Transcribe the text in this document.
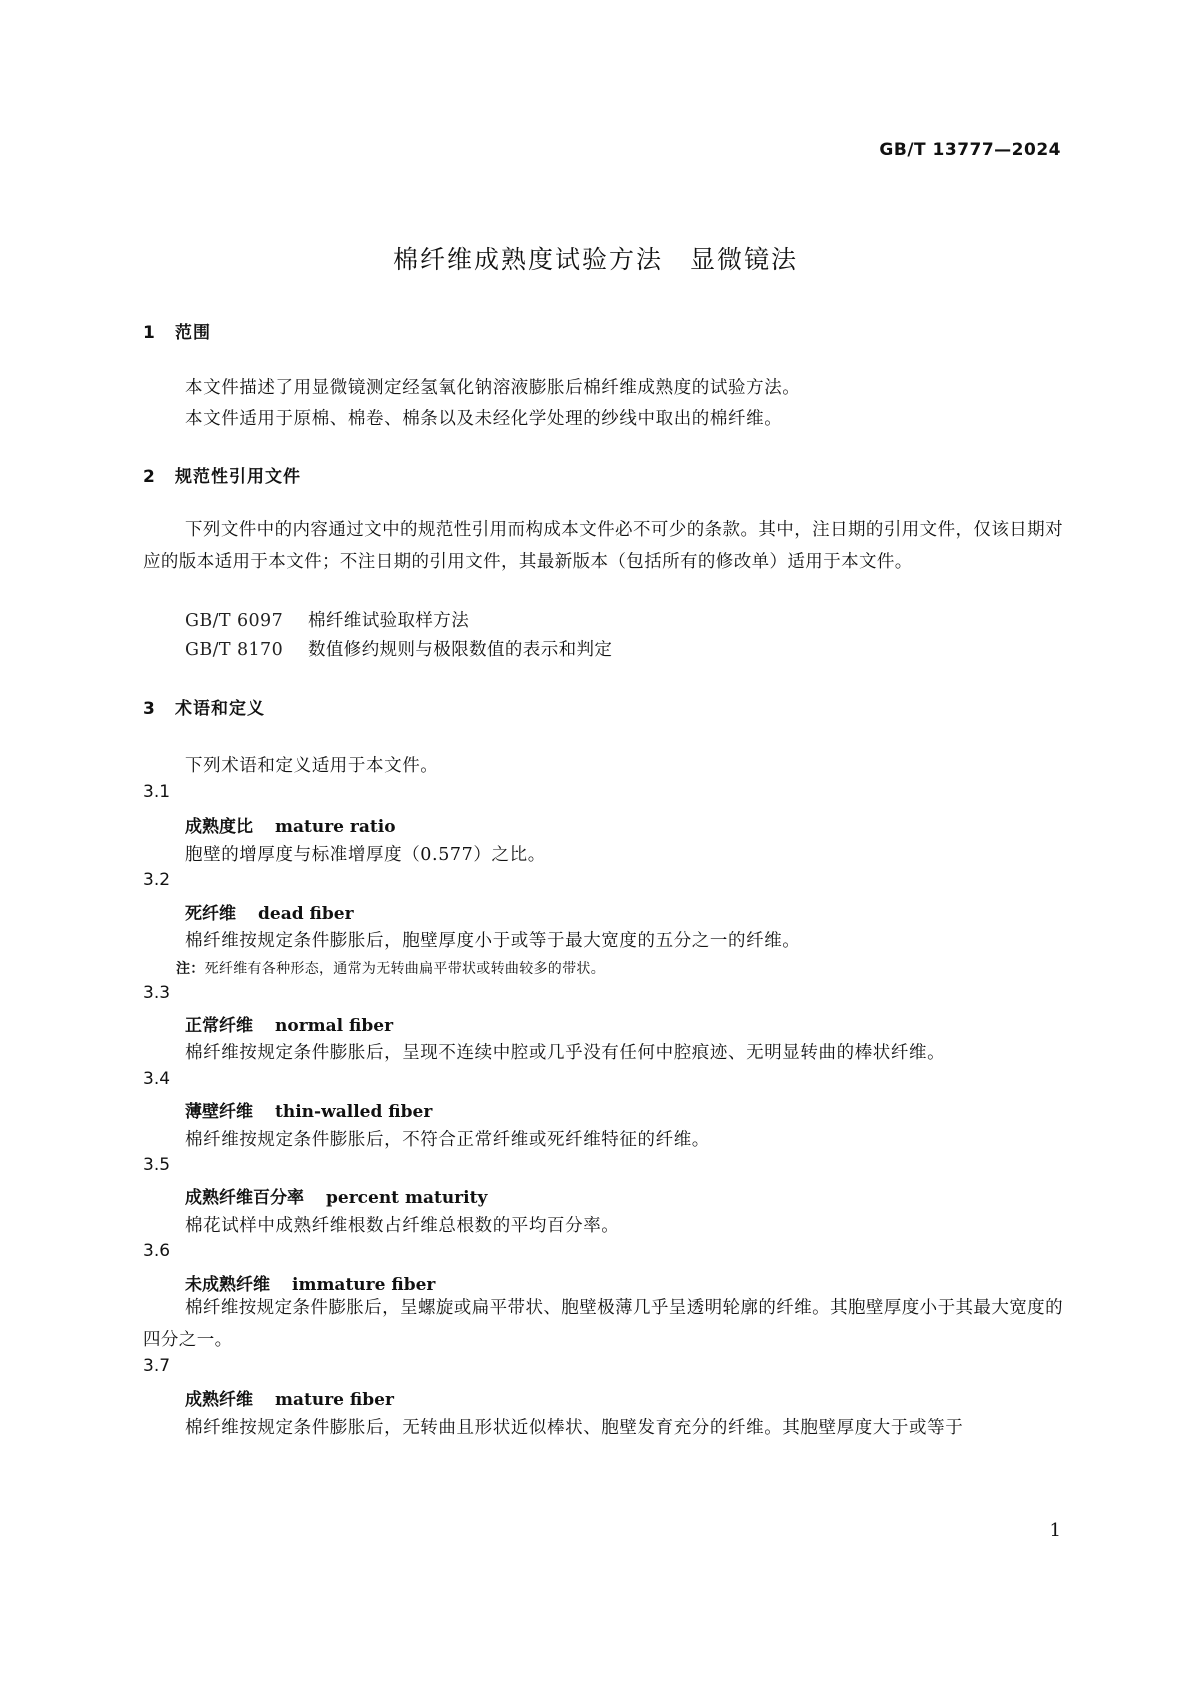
GB/T 13777—2024
棉纤维成熟度试验方法　显微镜法
1 范围
本文件描述了用显微镜测定经氢氧化钠溶液膨胀后棉纤维成熟度的试验方法。
本文件适用于原棉、棉卷、棉条以及未经化学处理的纱线中取出的棉纤维。
2 规范性引用文件
下列文件中的内容通过文中的规范性引用而构成本文件必不可少的条款。其中，注日期的引用文件，仅该日期对应的版本适用于本文件；不注日期的引用文件，其最新版本（包括所有的修改单）适用于本文件。
GB/T 6097 棉纤维试验取样方法
GB/T 8170 数值修约规则与极限数值的表示和判定
3 术语和定义
下列术语和定义适用于本文件。
3.1
成熟度比 mature ratio
胞壁的增厚度与标准增厚度（0.577）之比。
3.2
死纤维 dead fiber
棉纤维按规定条件膨胀后，胞壁厚度小于或等于最大宽度的五分之一的纤维。
注：死纤维有各种形态，通常为无转曲扁平带状或转曲较多的带状。
3.3
正常纤维 normal fiber
棉纤维按规定条件膨胀后，呈现不连续中腔或几乎没有任何中腔痕迹、无明显转曲的棒状纤维。
3.4
薄壁纤维 thin-walled fiber
棉纤维按规定条件膨胀后，不符合正常纤维或死纤维特征的纤维。
3.5
成熟纤维百分率 percent maturity
棉花试样中成熟纤维根数占纤维总根数的平均百分率。
3.6
未成熟纤维 immature fiber
棉纤维按规定条件膨胀后，呈螺旋或扁平带状、胞壁极薄几乎呈透明轮廓的纤维。其胞壁厚度小于其最大宽度的四分之一。
3.7
成熟纤维 mature fiber
棉纤维按规定条件膨胀后，无转曲且形状近似棒状、胞壁发育充分的纤维。其胞壁厚度大于或等于
1
